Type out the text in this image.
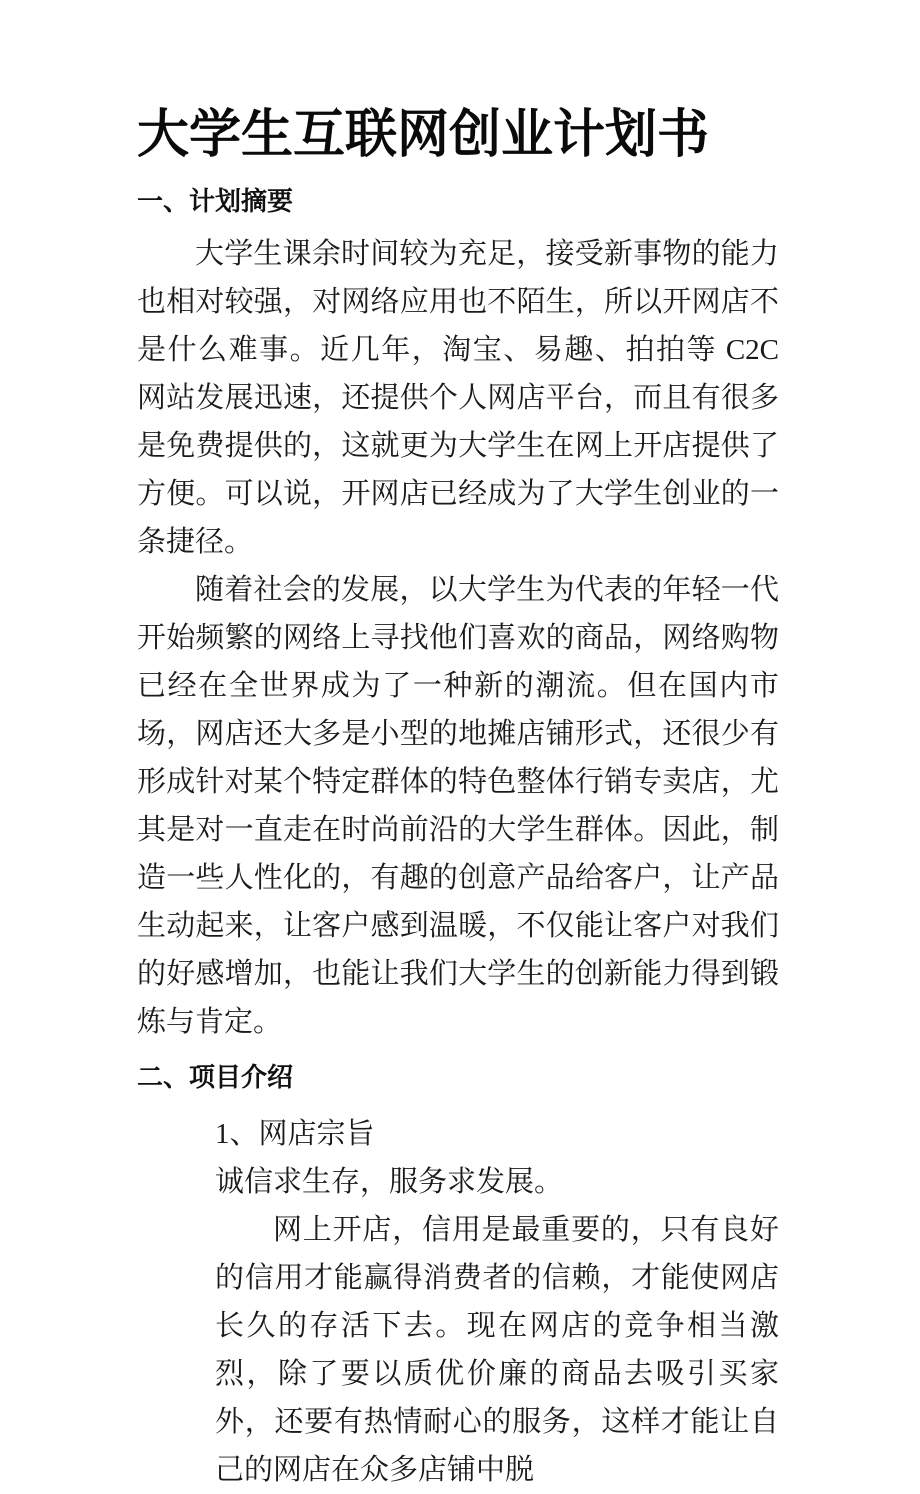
大学生互联网创业计划书
一、计划摘要

大学生课余时间较为充足，接受新事物的能力也相对较强，对网络应用也不陌生，所以开网店不是什么难事。近几年，淘宝、易趣、拍拍等 C2C 网站发展迅速，还提供个人网店平台，而且有很多是免费提供的，这就更为大学生在网上开店提供了方便。可以说，开网店已经成为了大学生创业的一条捷径。

随着社会的发展，以大学生为代表的年轻一代开始频繁的网络上寻找他们喜欢的商品，网络购物已经在全世界成为了一种新的潮流。但在国内市场，网店还大多是小型的地摊店铺形式，还很少有形成针对某个特定群体的特色整体行销专卖店，尤其是对一直走在时尚前沿的大学生群体。因此，制造一些人性化的，有趣的创意产品给客户，让产品生动起来，让客户感到温暖，不仅能让客户对我们的好感增加，也能让我们大学生的创新能力得到锻炼与肯定。

二、项目介绍

1、网店宗旨

诚信求生存，服务求发展。

网上开店，信用是最重要的，只有良好的信用才能赢得消费者的信赖，才能使网店长久的存活下去。现在网店的竞争相当激烈，除了要以质优价廉的商品去吸引买家外，还要有热情耐心的服务，这样才能让自己的网店在众多店铺中脱
